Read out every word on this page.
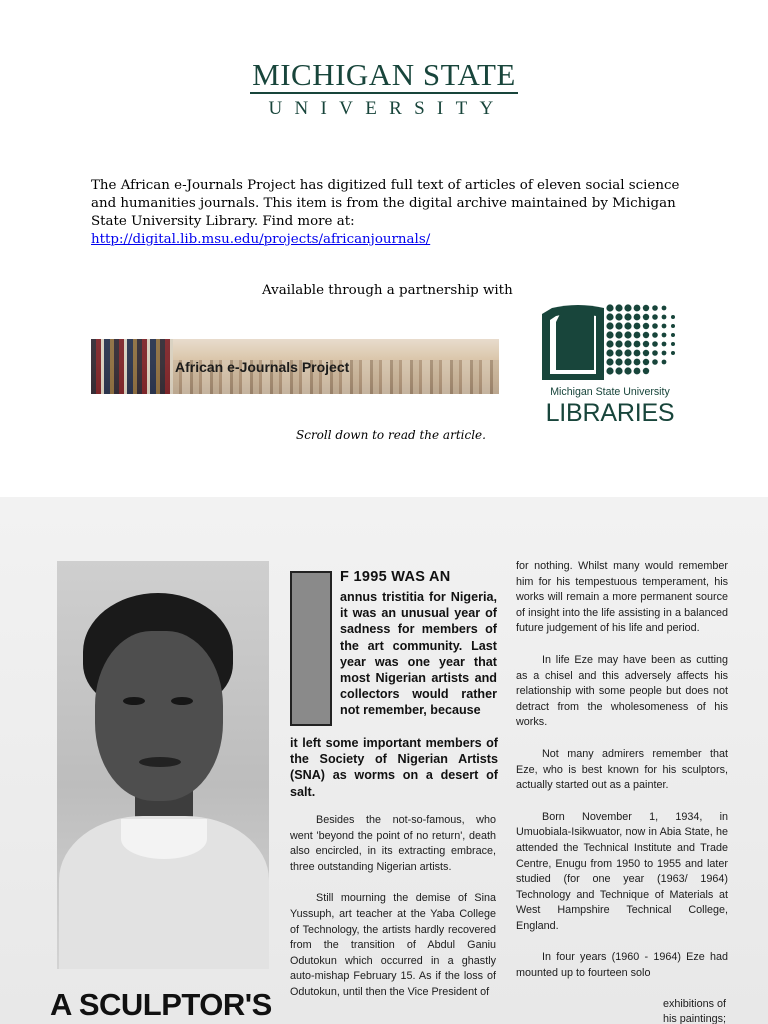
MICHIGAN STATE
UNIVERSITY
The African e-Journals Project has digitized full text of articles of eleven social science and humanities journals. This item is from the digital archive maintained by Michigan State University Library. Find more at:
http://digital.lib.msu.edu/projects/africanjournals/
Available through a partnership with
African e-Journals Project
Michigan State University
LIBRARIES
Scroll down to read the article.
A SCULPTOR'S
F 1995 WAS AN
annus tristitia for Nigeria, it was an unusual year of sadness for members of the art community. Last year was one year that most Nigerian artists and collectors would rather not remember, because
it left some important members of the Society of Nigerian Artists (SNA) as worms on a desert of salt.

Besides the not-so-famous, who went 'beyond the point of no return', death also encircled, in its extracting embrace, three outstanding Nigerian artists.

Still mourning the demise of Sina Yussuph, art teacher at the Yaba College of Technology, the artists hardly recovered from the transition of Abdul Ganiu Odutokun which occurred in a ghastly auto-mishap February 15. As if the loss of Odutokun, until then the Vice President of

for nothing. Whilst many would remember him for his tempestuous temperament, his works will remain a more permanent source of insight into the life assisting in a balanced future judgement of his life and period.

In life Eze may have been as cutting as a chisel and this adversely affects his relationship with some people but does not detract from the wholesomeness of his works.

Not many admirers remember that Eze, who is best known for his sculptors, actually started out as a painter.

Born November 1, 1934, in Umuobiala-Isikwuator, now in Abia State, he attended the Technical Institute and Trade Centre, Enugu from 1950 to 1955 and later studied (for one year (1963/ 1964) Technology and Technique of Materials at West Hampshire Technical College, England.

In four years (1960 - 1964) Eze had mounted up to fourteen solo

exhibitions of
his paintings;
